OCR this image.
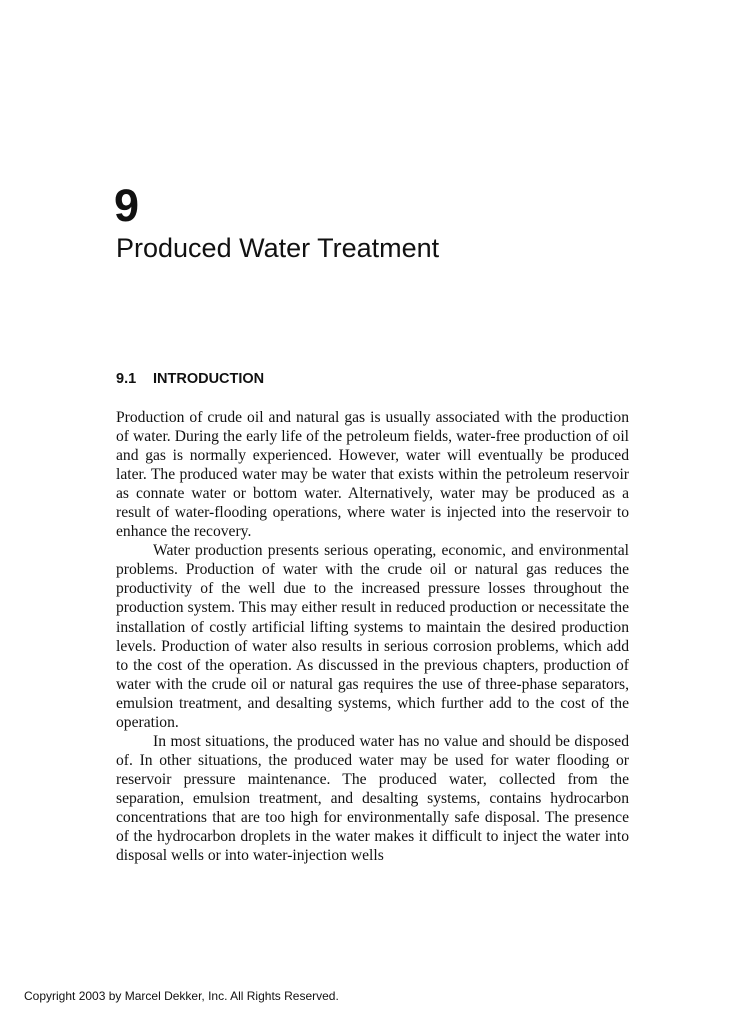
9
Produced Water Treatment
9.1 INTRODUCTION

Production of crude oil and natural gas is usually associated with the production of water. During the early life of the petroleum fields, water-free production of oil and gas is normally experienced. However, water will eventually be produced later. The produced water may be water that exists within the petroleum reservoir as connate water or bottom water. Alternatively, water may be produced as a result of water-flooding operations, where water is injected into the reservoir to enhance the recovery.

Water production presents serious operating, economic, and environmental problems. Production of water with the crude oil or natural gas reduces the productivity of the well due to the increased pressure losses throughout the production system. This may either result in reduced production or necessitate the installation of costly artificial lifting systems to maintain the desired production levels. Production of water also results in serious corrosion problems, which add to the cost of the operation. As discussed in the previous chapters, production of water with the crude oil or natural gas requires the use of three-phase separators, emulsion treatment, and desalting systems, which further add to the cost of the operation.

In most situations, the produced water has no value and should be disposed of. In other situations, the produced water may be used for water flooding or reservoir pressure maintenance. The produced water, collected from the separation, emulsion treatment, and desalting systems, contains hydrocarbon concentrations that are too high for environmentally safe disposal. The presence of the hydrocarbon droplets in the water makes it difficult to inject the water into disposal wells or into water-injection wells

Copyright 2003 by Marcel Dekker, Inc. All Rights Reserved.
